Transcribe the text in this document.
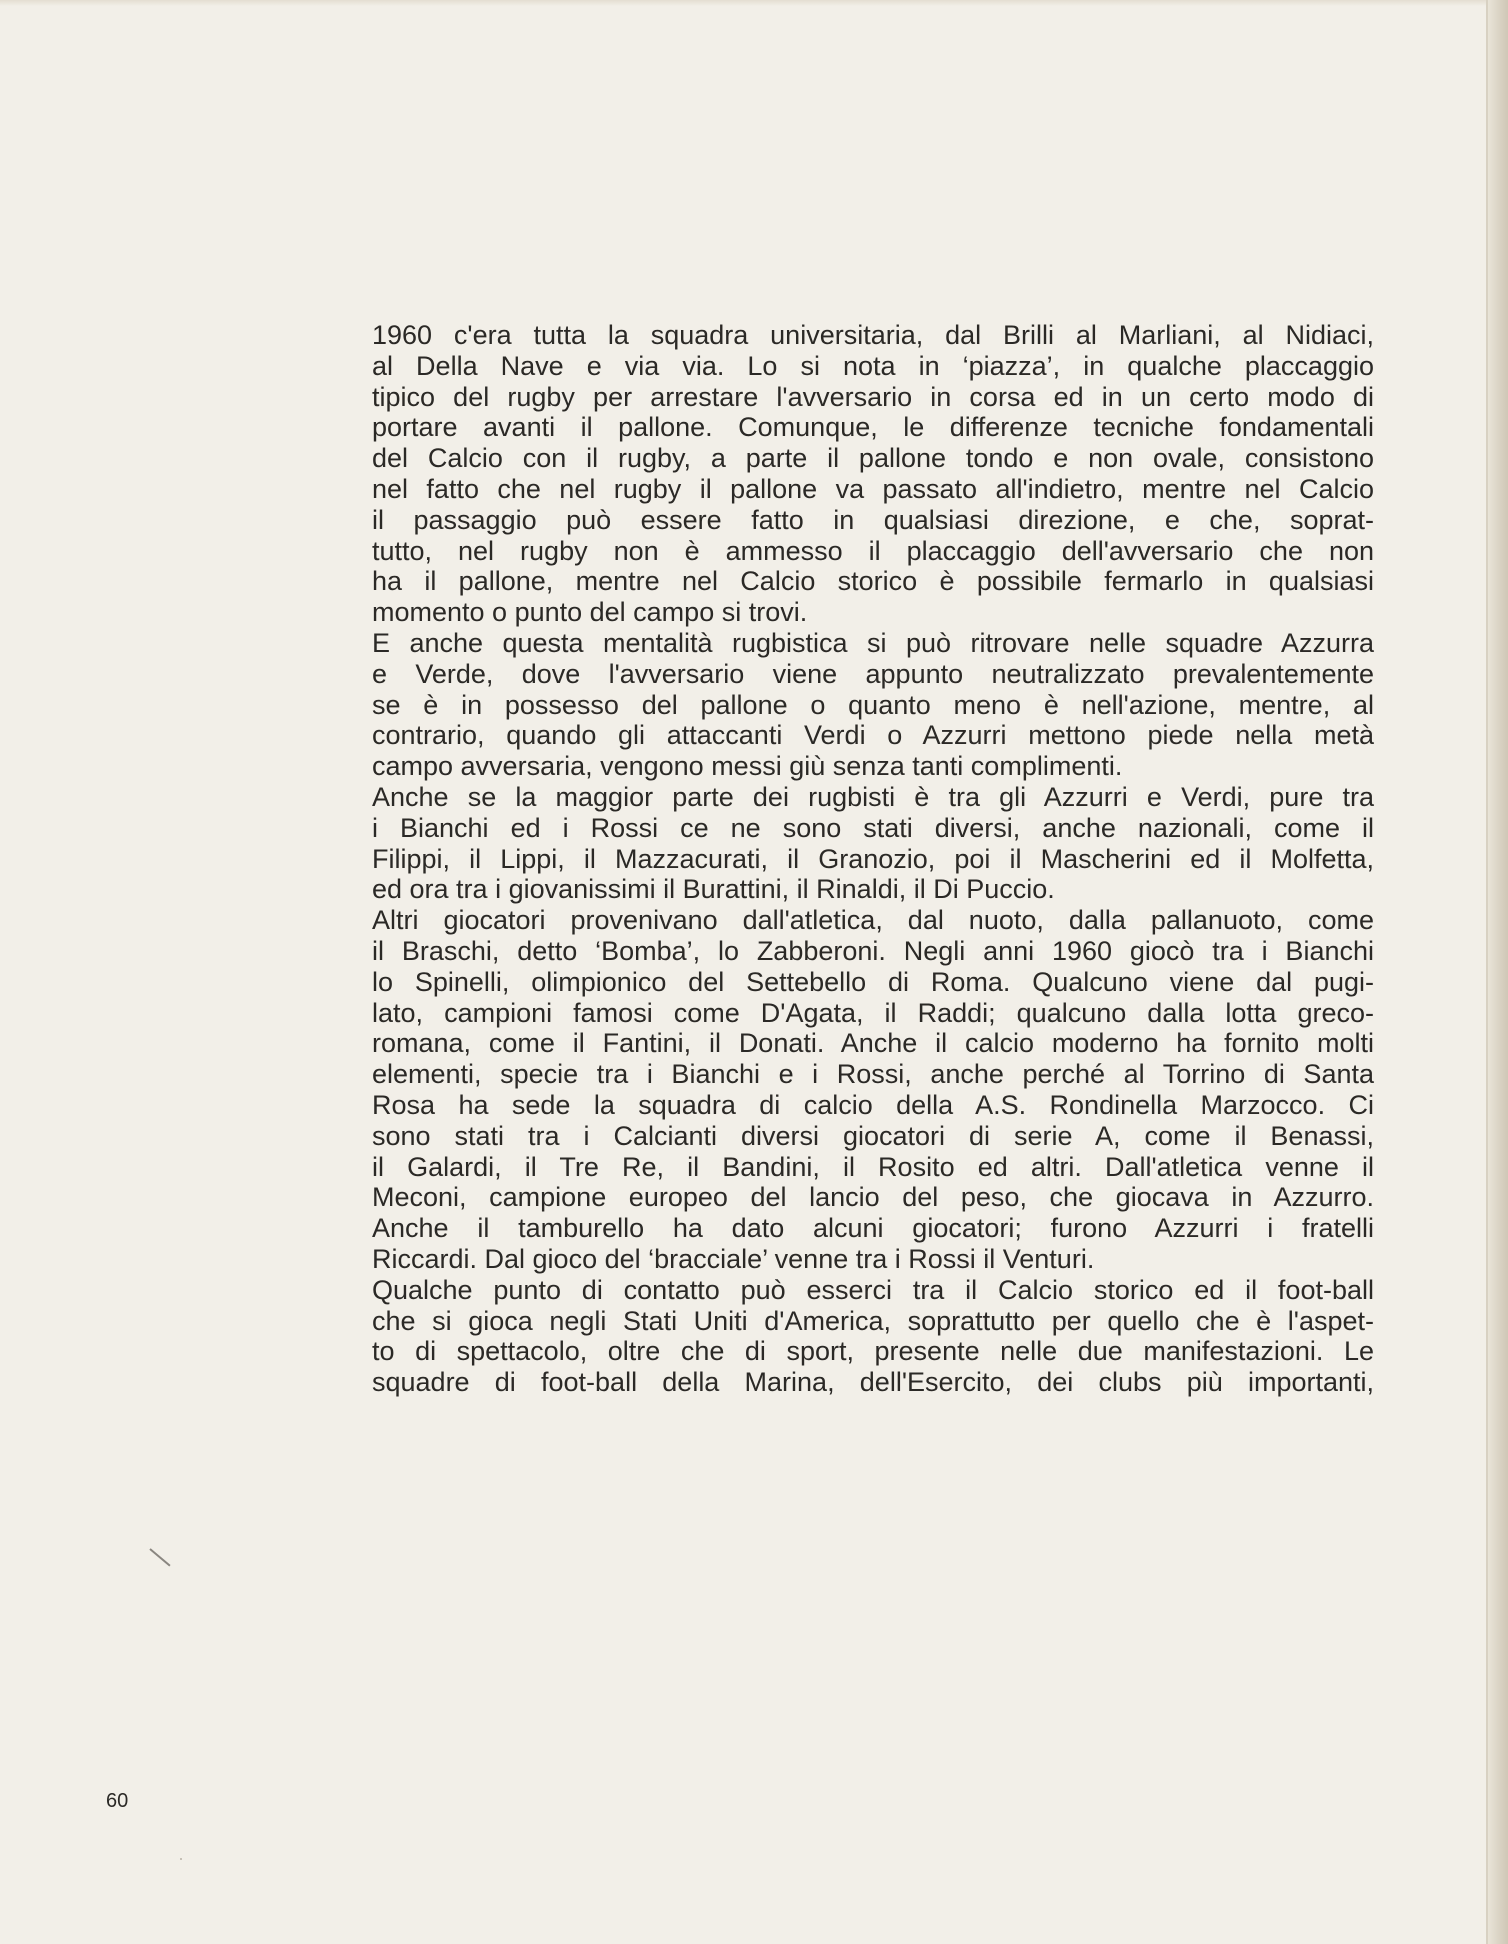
1960 c'era tutta la squadra universitaria, dal Brilli al Marliani, al Nidiaci,
al Della Nave e via via. Lo si nota in ‘piazza’, in qualche placcaggio
tipico del rugby per arrestare l'avversario in corsa ed in un certo modo di
portare avanti il pallone. Comunque, le differenze tecniche fondamentali
del Calcio con il rugby, a parte il pallone tondo e non ovale, consistono
nel fatto che nel rugby il pallone va passato all'indietro, mentre nel Calcio
il passaggio può essere fatto in qualsiasi direzione, e che, soprat-
tutto, nel rugby non è ammesso il placcaggio dell'avversario che non
ha il pallone, mentre nel Calcio storico è possibile fermarlo in qualsiasi
momento o punto del campo si trovi.
E anche questa mentalità rugbistica si può ritrovare nelle squadre Azzurra
e Verde, dove l'avversario viene appunto neutralizzato prevalentemente
se è in possesso del pallone o quanto meno è nell'azione, mentre, al
contrario, quando gli attaccanti Verdi o Azzurri mettono piede nella metà
campo avversaria, vengono messi giù senza tanti complimenti.
Anche se la maggior parte dei rugbisti è tra gli Azzurri e Verdi, pure tra
i Bianchi ed i Rossi ce ne sono stati diversi, anche nazionali, come il
Filippi, il Lippi, il Mazzacurati, il Granozio, poi il Mascherini ed il Molfetta,
ed ora tra i giovanissimi il Burattini, il Rinaldi, il Di Puccio.
Altri giocatori provenivano dall'atletica, dal nuoto, dalla pallanuoto, come
il Braschi, detto ‘Bomba’, lo Zabberoni. Negli anni 1960 giocò tra i Bianchi
lo Spinelli, olimpionico del Settebello di Roma. Qualcuno viene dal pugi-
lato, campioni famosi come D'Agata, il Raddi; qualcuno dalla lotta greco-
romana, come il Fantini, il Donati. Anche il calcio moderno ha fornito molti
elementi, specie tra i Bianchi e i Rossi, anche perché al Torrino di Santa
Rosa ha sede la squadra di calcio della A.S. Rondinella Marzocco. Ci
sono stati tra i Calcianti diversi giocatori di serie A, come il Benassi,
il Galardi, il Tre Re, il Bandini, il Rosito ed altri. Dall'atletica venne il
Meconi, campione europeo del lancio del peso, che giocava in Azzurro.
Anche il tamburello ha dato alcuni giocatori; furono Azzurri i fratelli
Riccardi. Dal gioco del ‘bracciale’ venne tra i Rossi il Venturi.
Qualche punto di contatto può esserci tra il Calcio storico ed il foot-ball
che si gioca negli Stati Uniti d'America, soprattutto per quello che è l'aspet-
to di spettacolo, oltre che di sport, presente nelle due manifestazioni. Le
squadre di foot-ball della Marina, dell'Esercito, dei clubs più importanti,

60
